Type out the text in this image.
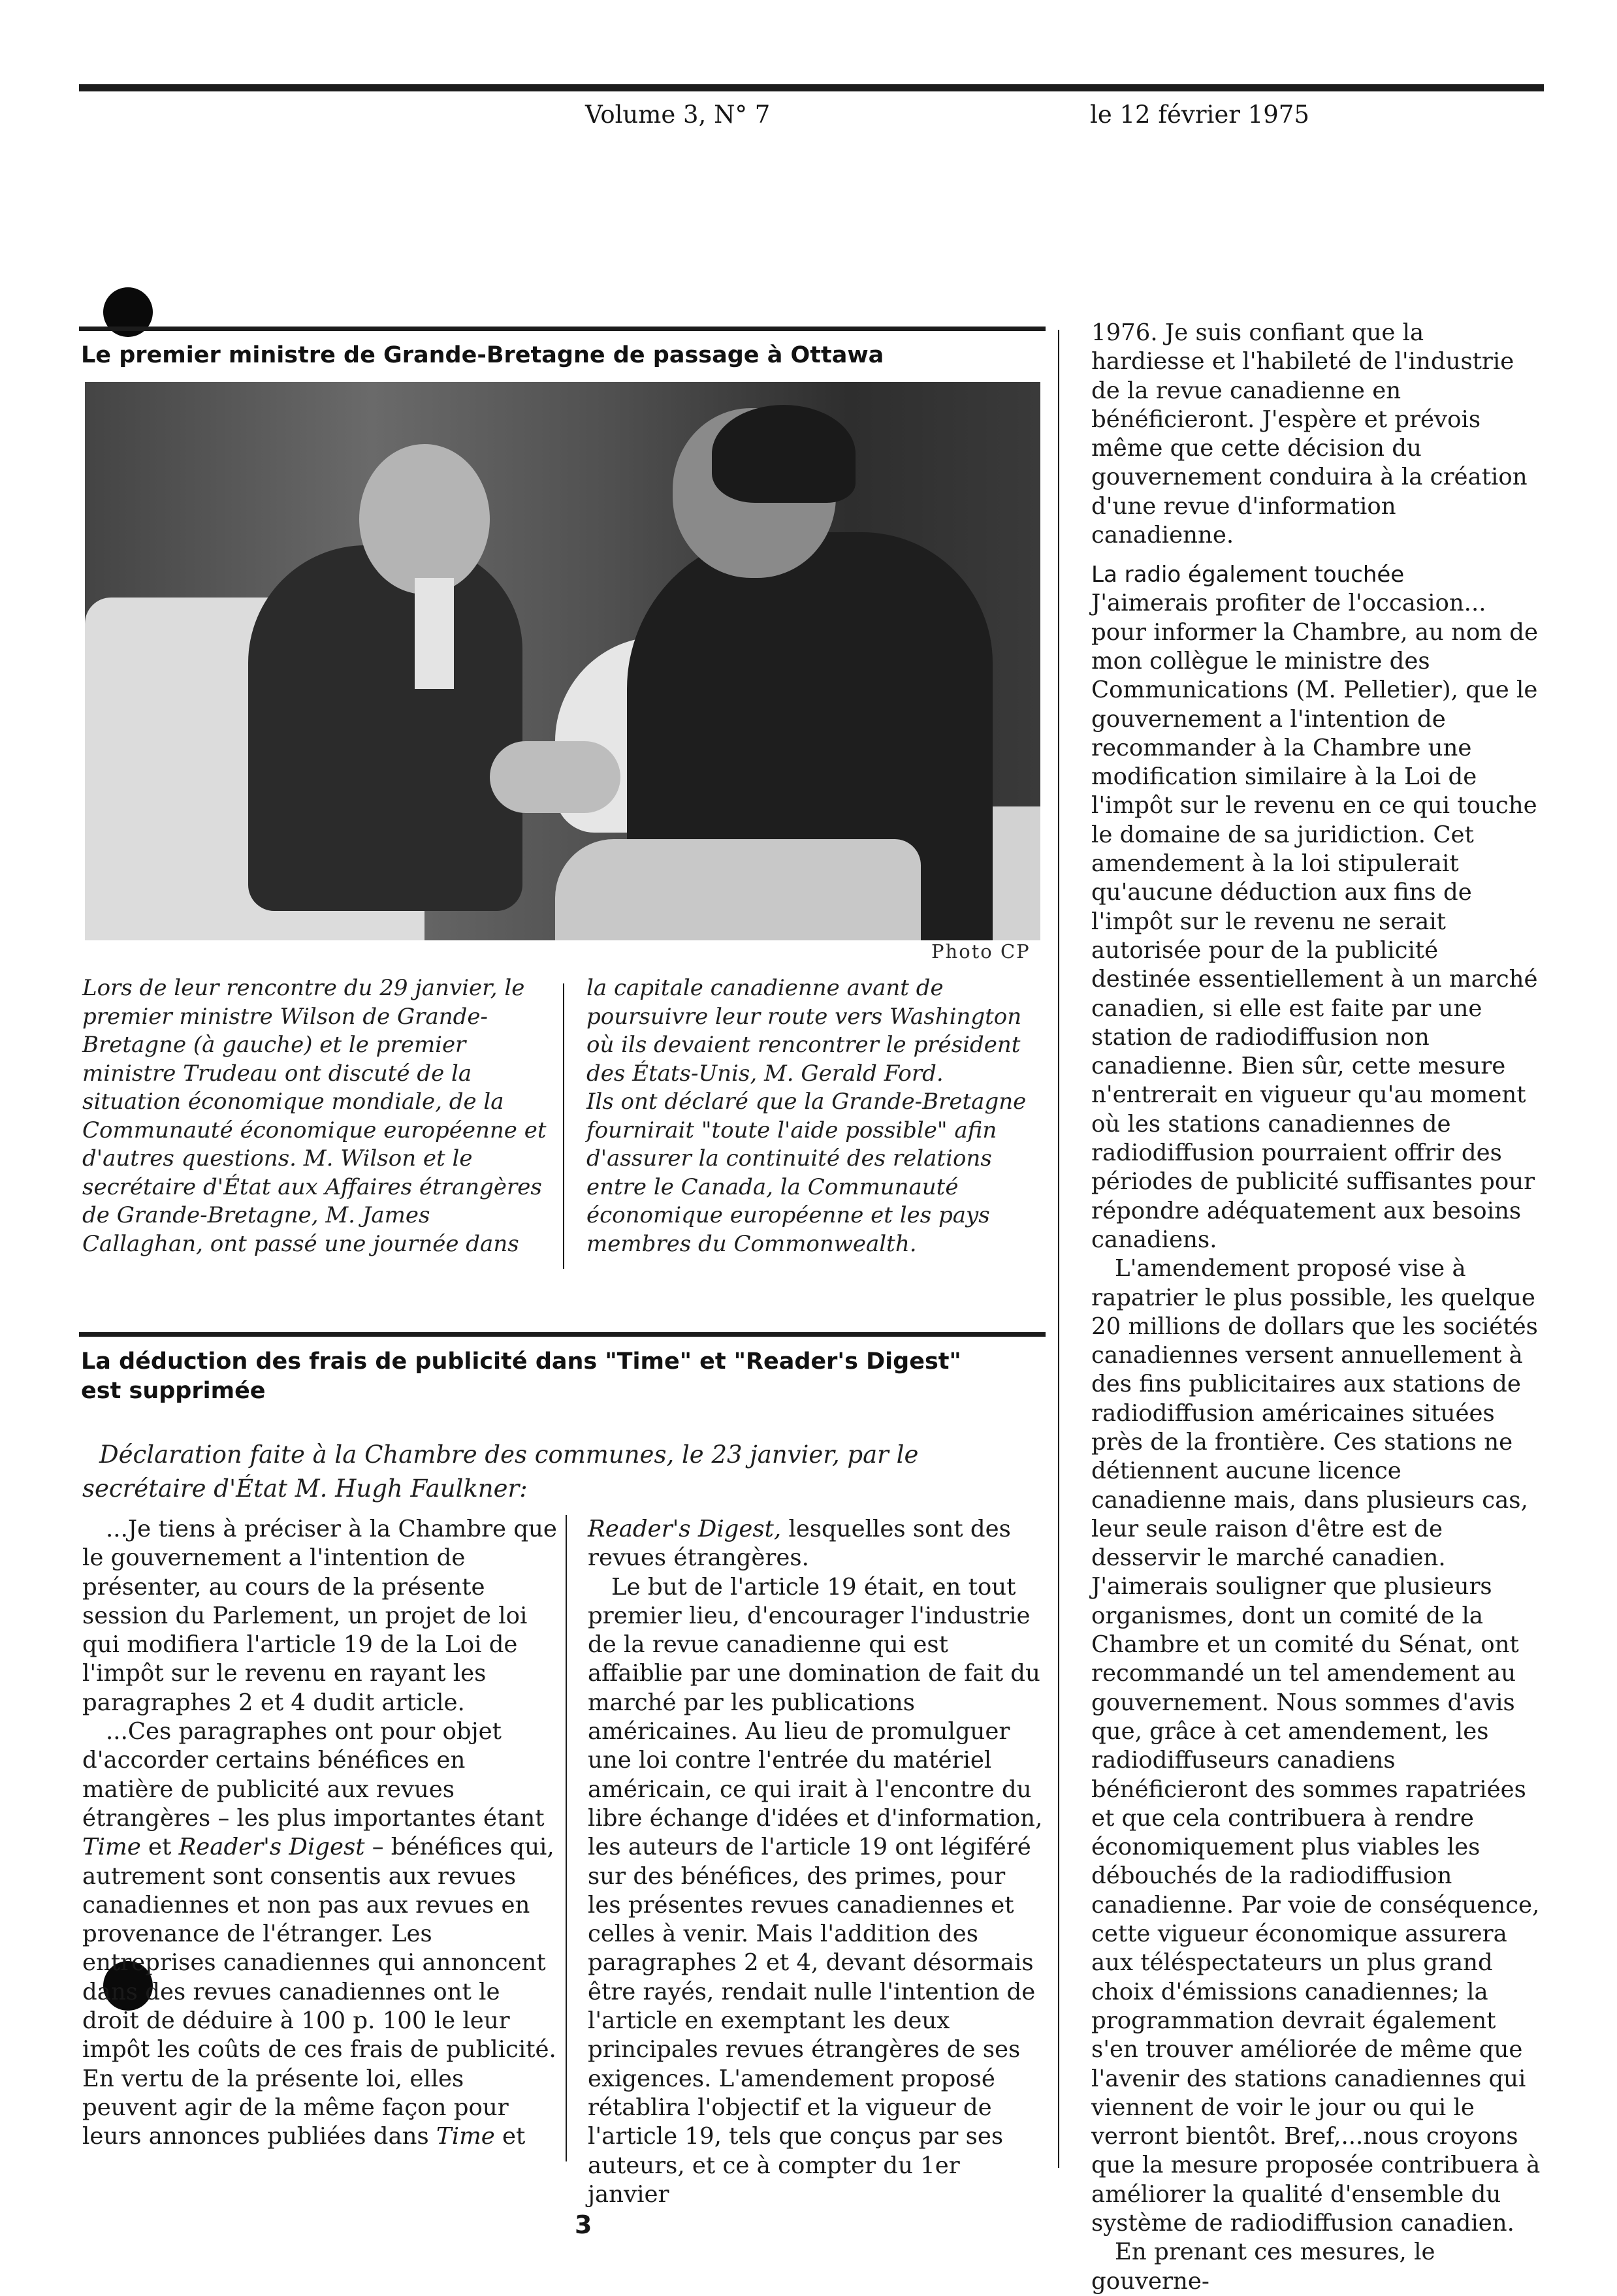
Volume 3, N° 7	le 12 février 1975
Le premier ministre de Grande-Bretagne de passage à Ottawa
Photo CP
Lors de leur rencontre du 29 janvier, le premier ministre Wilson de Grande-Bretagne (à gauche) et le premier ministre Trudeau ont discuté de la situation économique mondiale, de la Communauté économique européenne et d'autres questions. M. Wilson et le secrétaire d'État aux Affaires étrangères de Grande-Bretagne, M. James Callaghan, ont passé une journée dans
la capitale canadienne avant de poursuivre leur route vers Washington où ils devaient rencontrer le président des États-Unis, M. Gerald Ford.
Ils ont déclaré que la Grande-Bretagne fournirait "toute l'aide possible" afin d'assurer la continuité des relations entre le Canada, la Communauté économique européenne et les pays membres du Commonwealth.
La déduction des frais de publicité dans "Time" et "Reader's Digest" est supprimée
Déclaration faite à la Chambre des communes, le 23 janvier, par le secrétaire d'État M. Hugh Faulkner:

...Je tiens à préciser à la Chambre que le gouvernement a l'intention de présenter, au cours de la présente session du Parlement, un projet de loi qui modifiera l'article 19 de la Loi de l'impôt sur le revenu en rayant les paragraphes 2 et 4 dudit article.

...Ces paragraphes ont pour objet d'accorder certains bénéfices en matière de publicité aux revues étrangères – les plus importantes étant Time et Reader's Digest – bénéfices qui, autrement sont consentis aux revues canadiennes et non pas aux revues en provenance de l'étranger. Les entreprises canadiennes qui annoncent dans des revues canadiennes ont le droit de déduire à 100 p. 100 le leur impôt les coûts de ces frais de publicité. En vertu de la présente loi, elles peuvent agir de la même façon pour leurs annonces publiées dans Time et

Reader's Digest, lesquelles sont des revues étrangères.

Le but de l'article 19 était, en tout premier lieu, d'encourager l'industrie de la revue canadienne qui est affaiblie par une domination de fait du marché par les publications américaines. Au lieu de promulguer une loi contre l'entrée du matériel américain, ce qui irait à l'encontre du libre échange d'idées et d'information, les auteurs de l'article 19 ont légiféré sur des bénéfices, des primes, pour les présentes revues canadiennes et celles à venir. Mais l'addition des paragraphes 2 et 4, devant désormais être rayés, rendait nulle l'intention de l'article en exemptant les deux principales revues étrangères de ses exigences. L'amendement proposé rétablira l'objectif et la vigueur de l'article 19, tels que conçus par ses auteurs, et ce à compter du 1er janvier

1976. Je suis confiant que la hardiesse et l'habileté de l'industrie de la revue canadienne en bénéficieront. J'espère et prévois même que cette décision du gouvernement conduira à la création d'une revue d'information canadienne.

La radio également touchée

J'aimerais profiter de l'occasion... pour informer la Chambre, au nom de mon collègue le ministre des Communications (M. Pelletier), que le gouvernement a l'intention de recommander à la Chambre une modification similaire à la Loi de l'impôt sur le revenu en ce qui touche le domaine de sa juridiction. Cet amendement à la loi stipulerait qu'aucune déduction aux fins de l'impôt sur le revenu ne serait autorisée pour de la publicité destinée essentiellement à un marché canadien, si elle est faite par une station de radiodiffusion non canadienne. Bien sûr, cette mesure n'entrerait en vigueur qu'au moment où les stations canadiennes de radiodiffusion pourraient offrir des périodes de publicité suffisantes pour répondre adéquatement aux besoins canadiens.

L'amendement proposé vise à rapatrier le plus possible, les quelque 20 millions de dollars que les sociétés canadiennes versent annuellement à des fins publicitaires aux stations de radiodiffusion américaines situées près de la frontière. Ces stations ne détiennent aucune licence canadienne mais, dans plusieurs cas, leur seule raison d'être est de desservir le marché canadien. J'aimerais souligner que plusieurs organismes, dont un comité de la Chambre et un comité du Sénat, ont recommandé un tel amendement au gouvernement. Nous sommes d'avis que, grâce à cet amendement, les radiodiffuseurs canadiens bénéficieront des sommes rapatriées et que cela contribuera à rendre économiquement plus viables les débouchés de la radiodiffusion canadienne. Par voie de conséquence, cette vigueur économique assurera aux téléspectateurs un plus grand choix d'émissions canadiennes; la programmation devrait également s'en trouver améliorée de même que l'avenir des stations canadiennes qui viennent de voir le jour ou qui le verront bientôt. Bref,...nous croyons que la mesure proposée contribuera à améliorer la qualité d'ensemble du système de radiodiffusion canadien.

En prenant ces mesures, le gouverne-

3
